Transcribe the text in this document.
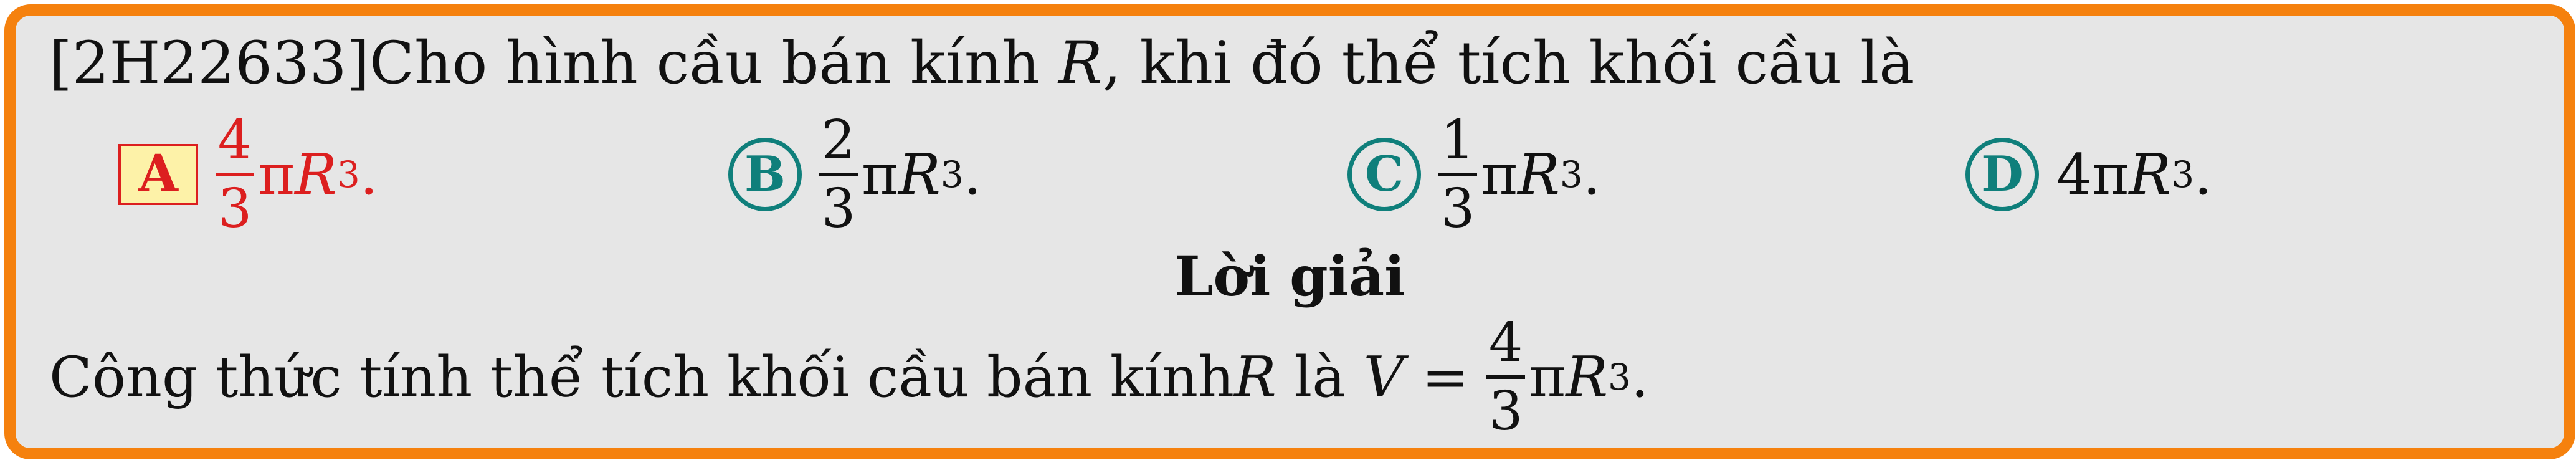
[2H22633]Cho hình cầu bán kính R, khi đó thể tích khối cầu là
A
4
3
π R 3 .	B
2
3
π R 3 .	C
1
3
π R 3 .	D 4 π R 3 .
Lời giải
Công thức tính thể tích khối cầu bán kính R là V =
4
3
π R 3 .
